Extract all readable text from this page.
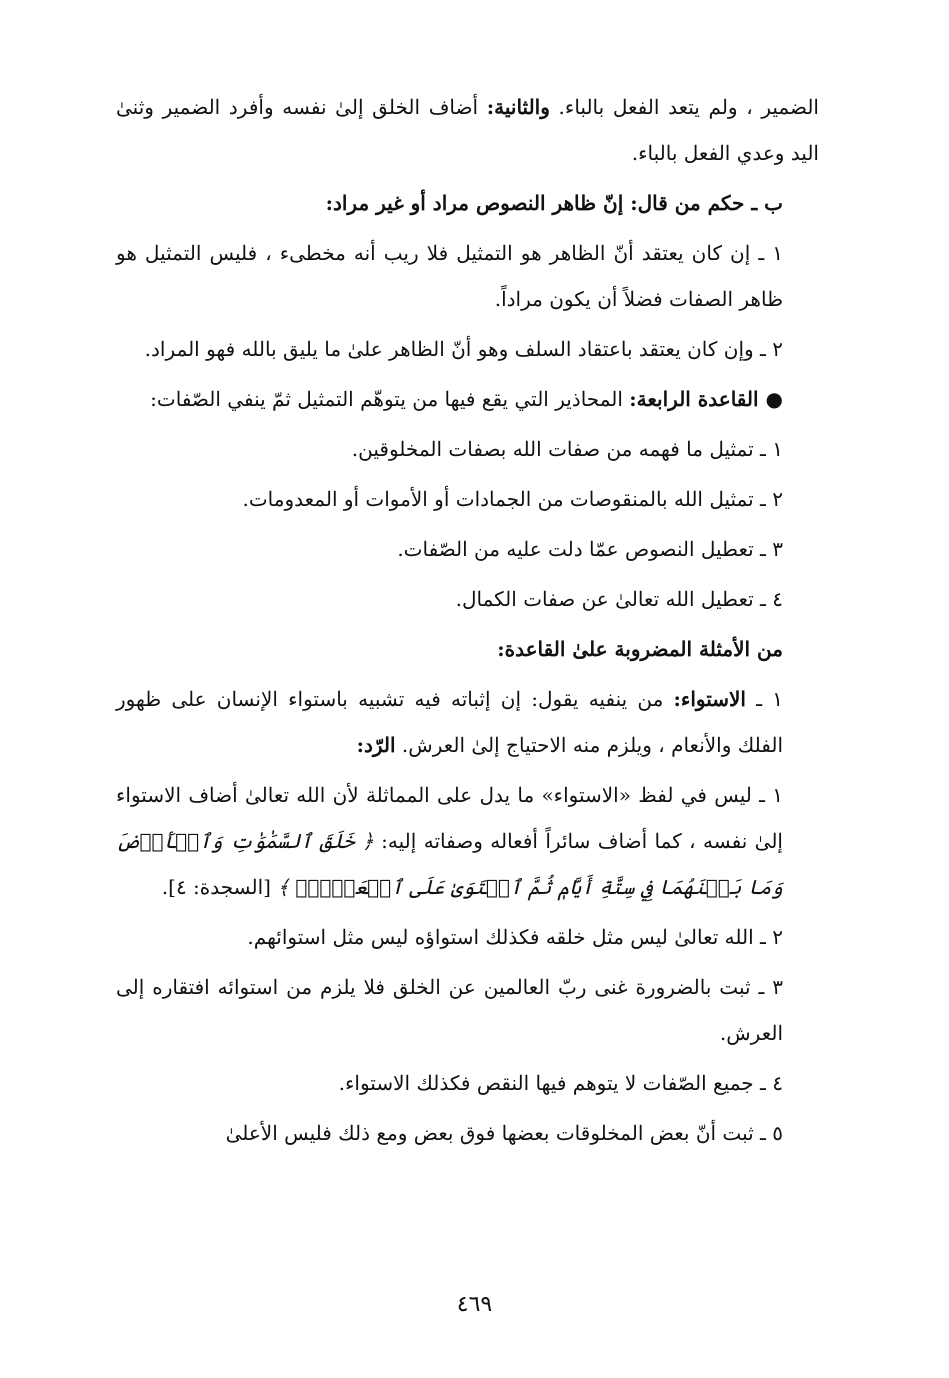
الضمير ، ولم يتعد الفعل بالباء. والثانية: أضاف الخلق إلىٰ نفسه وأفرد الضمير وثنىٰ اليد وعدي الفعل بالباء.

ب ـ حكم من قال: إنّ ظاهر النصوص مراد أو غير مراد:

١ ـ إن كان يعتقد أنّ الظاهر هو التمثيل فلا ريب أنه مخطىء ، فليس التمثيل هو ظاهر الصفات فضلاً أن يكون مراداً.

٢ ـ وإن كان يعتقد باعتقاد السلف وهو أنّ الظاهر علىٰ ما يليق بالله فهو المراد.

● القاعدة الرابعة: المحاذير التي يقع فيها من يتوهّم التمثيل ثمّ ينفي الصّفات:

١ ـ تمثيل ما فهمه من صفات الله بصفات المخلوقين.

٢ ـ تمثيل الله بالمنقوصات من الجمادات أو الأموات أو المعدومات.

٣ ـ تعطيل النصوص عمّا دلت عليه من الصّفات.

٤ ـ تعطيل الله تعالىٰ عن صفات الكمال.

من الأمثلة المضروبة علىٰ القاعدة:

١ ـ الاستواء: من ينفيه يقول: إن إثباته فيه تشبيه باستواء الإنسان على ظهور الفلك والأنعام ، ويلزم منه الاحتياج إلىٰ العرش. الرّد:

١ ـ ليس في لفظ «الاستواء» ما يدل على المماثلة لأن الله تعالىٰ أضاف الاستواء إلىٰ نفسه ، كما أضاف سائراً أفعاله وصفاته إليه: ﴿ خَلَقَ ٱلسَّمَٰوَٰتِ وَٱلۡأَرۡضَ وَمَا بَيۡنَهُمَا فِي سِتَّةِ أَيَّامٖ ثُمَّ ٱسۡتَوَىٰ عَلَى ٱلۡعَرۡشِۖ ﴾ [السجدة: ٤].

٢ ـ الله تعالىٰ ليس مثل خلقه فكذلك استواؤه ليس مثل استوائهم.

٣ ـ ثبت بالضرورة غنى ربّ العالمين عن الخلق فلا يلزم من استوائه افتقاره إلى العرش.

٤ ـ جميع الصّفات لا يتوهم فيها النقص فكذلك الاستواء.

٥ ـ ثبت أنّ بعض المخلوقات بعضها فوق بعض ومع ذلك فليس الأعلىٰ

٤٦٩
